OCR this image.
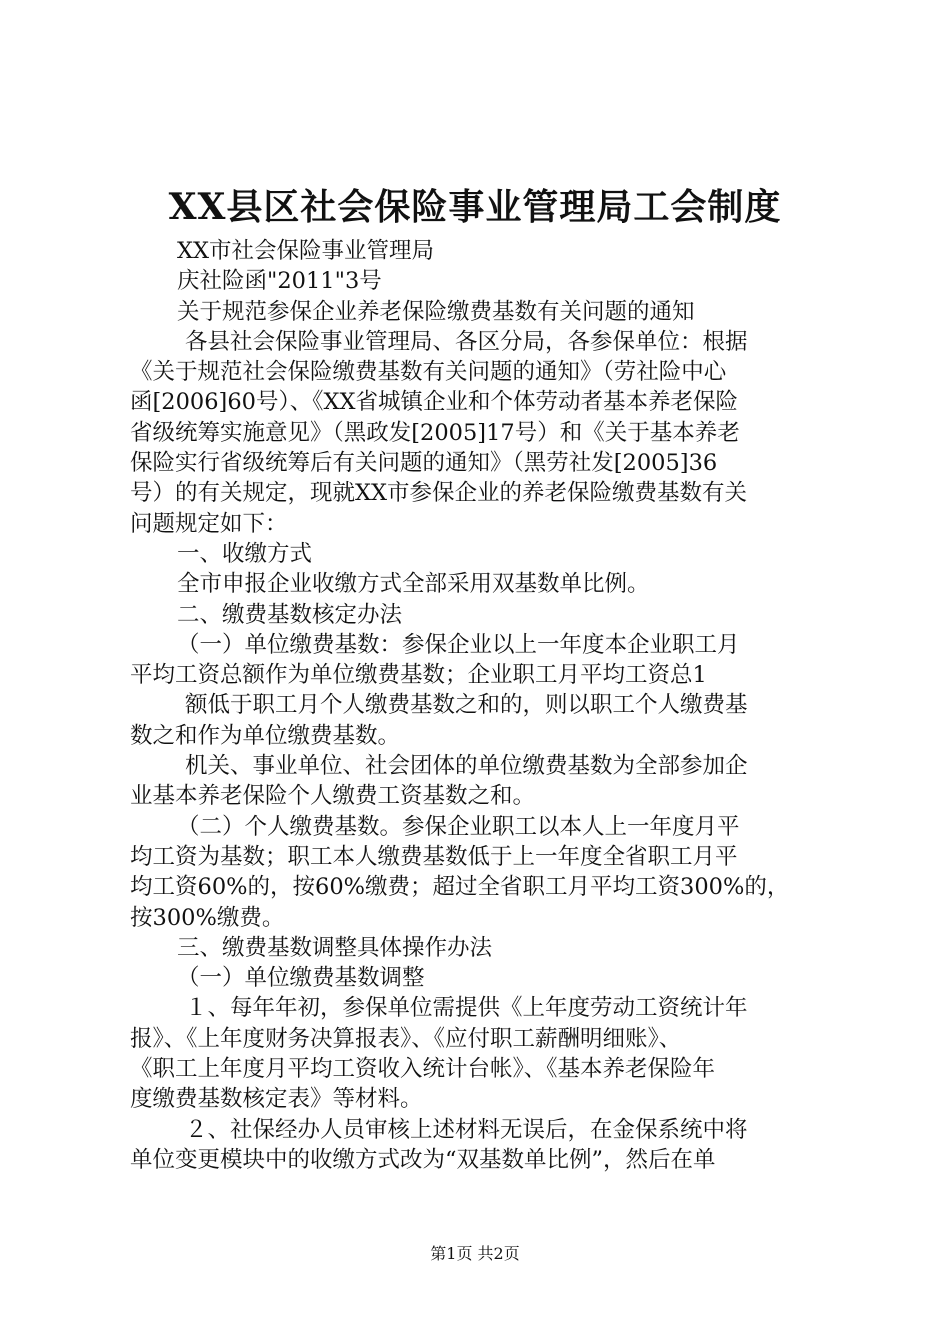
XX县区社会保险事业管理局工会制度
XX市社会保险事业管理局
庆社险函"2011"3号
关于规范参保企业养老保险缴费基数有关问题的通知
各县社会保险事业管理局、各区分局，各参保单位：根据
《关于规范社会保险缴费基数有关问题的通知》（劳社险中心
函[2006]60号）、《XX省城镇企业和个体劳动者基本养老保险
省级统筹实施意见》（黑政发[2005]17号）和《关于基本养老
保险实行省级统筹后有关问题的通知》（黑劳社发[2005]36
号）的有关规定，现就XX市参保企业的养老保险缴费基数有关
问题规定如下：
一、收缴方式
全市申报企业收缴方式全部采用双基数单比例。
二、缴费基数核定办法
（一）单位缴费基数：参保企业以上一年度本企业职工月
平均工资总额作为单位缴费基数；企业职工月平均工资总1
额低于职工月个人缴费基数之和的，则以职工个人缴费基
数之和作为单位缴费基数。
机关、事业单位、社会团体的单位缴费基数为全部参加企
业基本养老保险个人缴费工资基数之和。
（二）个人缴费基数。参保企业职工以本人上一年度月平
均工资为基数；职工本人缴费基数低于上一年度全省职工月平
均工资60%的，按60%缴费；超过全省职工月平均工资300%的，
按300%缴费。
三、缴费基数调整具体操作办法
（一）单位缴费基数调整
１、每年年初，参保单位需提供《上年度劳动工资统计年
报》、《上年度财务决算报表》、《应付职工薪酬明细账》、
《职工上年度月平均工资收入统计台帐》、《基本养老保险年
度缴费基数核定表》等材料。
２、社保经办人员审核上述材料无误后，在金保系统中将
单位变更模块中的收缴方式改为“双基数单比例”，然后在单
第1页 共2页
